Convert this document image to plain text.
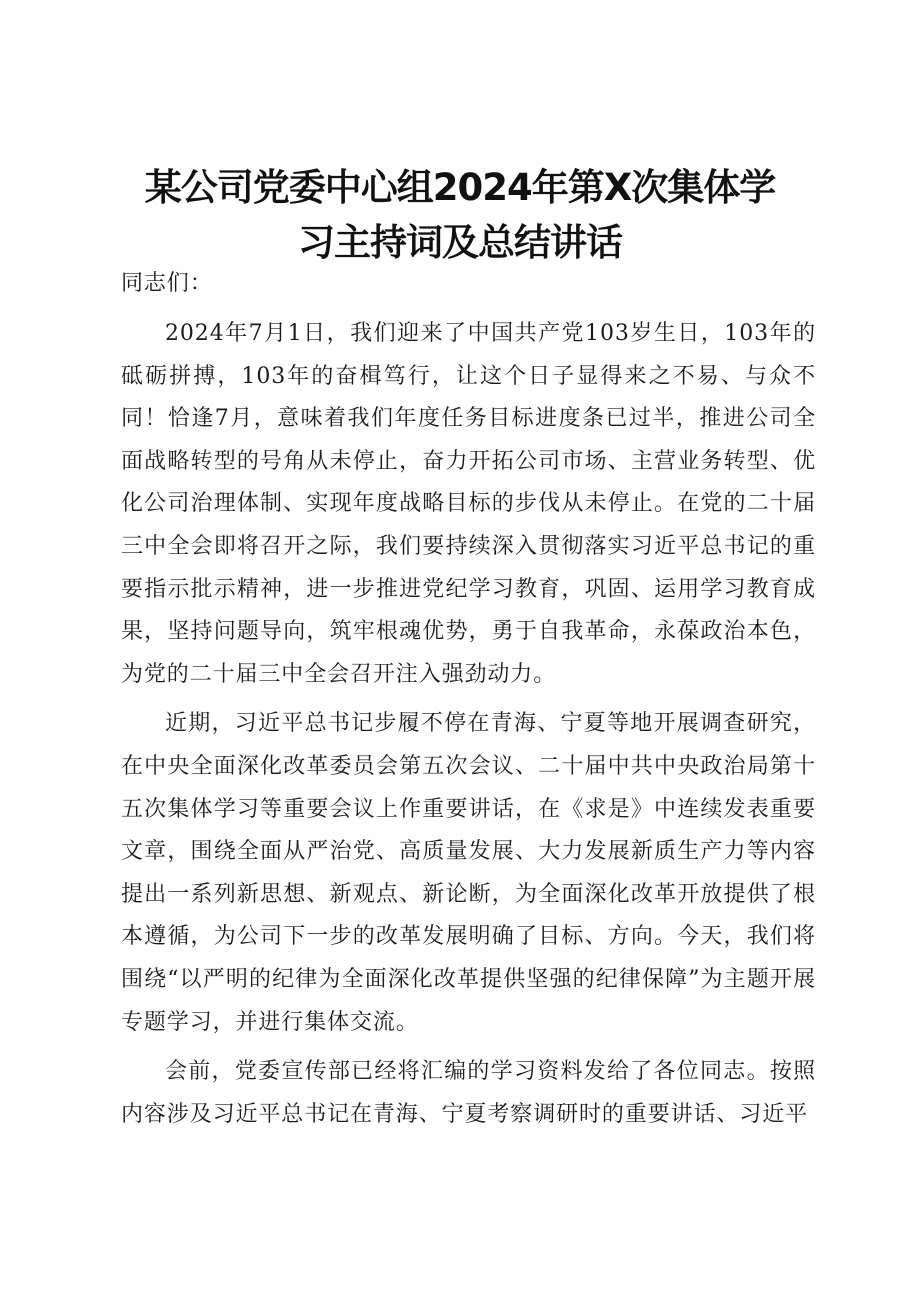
某公司党委中心组2024年第X次集体学习主持词及总结讲话

同志们：

2024年7月1日，我们迎来了中国共产党103岁生日，103年的砥砺拼搏，103年的奋楫笃行，让这个日子显得来之不易、与众不同！恰逢7月，意味着我们年度任务目标进度条已过半，推进公司全面战略转型的号角从未停止，奋力开拓公司市场、主营业务转型、优化公司治理体制、实现年度战略目标的步伐从未停止。在党的二十届三中全会即将召开之际，我们要持续深入贯彻落实习近平总书记的重要指示批示精神，进一步推进党纪学习教育，巩固、运用学习教育成果，坚持问题导向，筑牢根魂优势，勇于自我革命，永葆政治本色，为党的二十届三中全会召开注入强劲动力。

近期，习近平总书记步履不停在青海、宁夏等地开展调查研究，在中央全面深化改革委员会第五次会议、二十届中共中央政治局第十五次集体学习等重要会议上作重要讲话，在《求是》中连续发表重要文章，围绕全面从严治党、高质量发展、大力发展新质生产力等内容提出一系列新思想、新观点、新论断，为全面深化改革开放提供了根本遵循，为公司下一步的改革发展明确了目标、方向。今天，我们将围绕“以严明的纪律为全面深化改革提供坚强的纪律保障”为主题开展专题学习，并进行集体交流。

会前，党委宣传部已经将汇编的学习资料发给了各位同志。按照内容涉及习近平总书记在青海、宁夏考察调研时的重要讲话、习近平
